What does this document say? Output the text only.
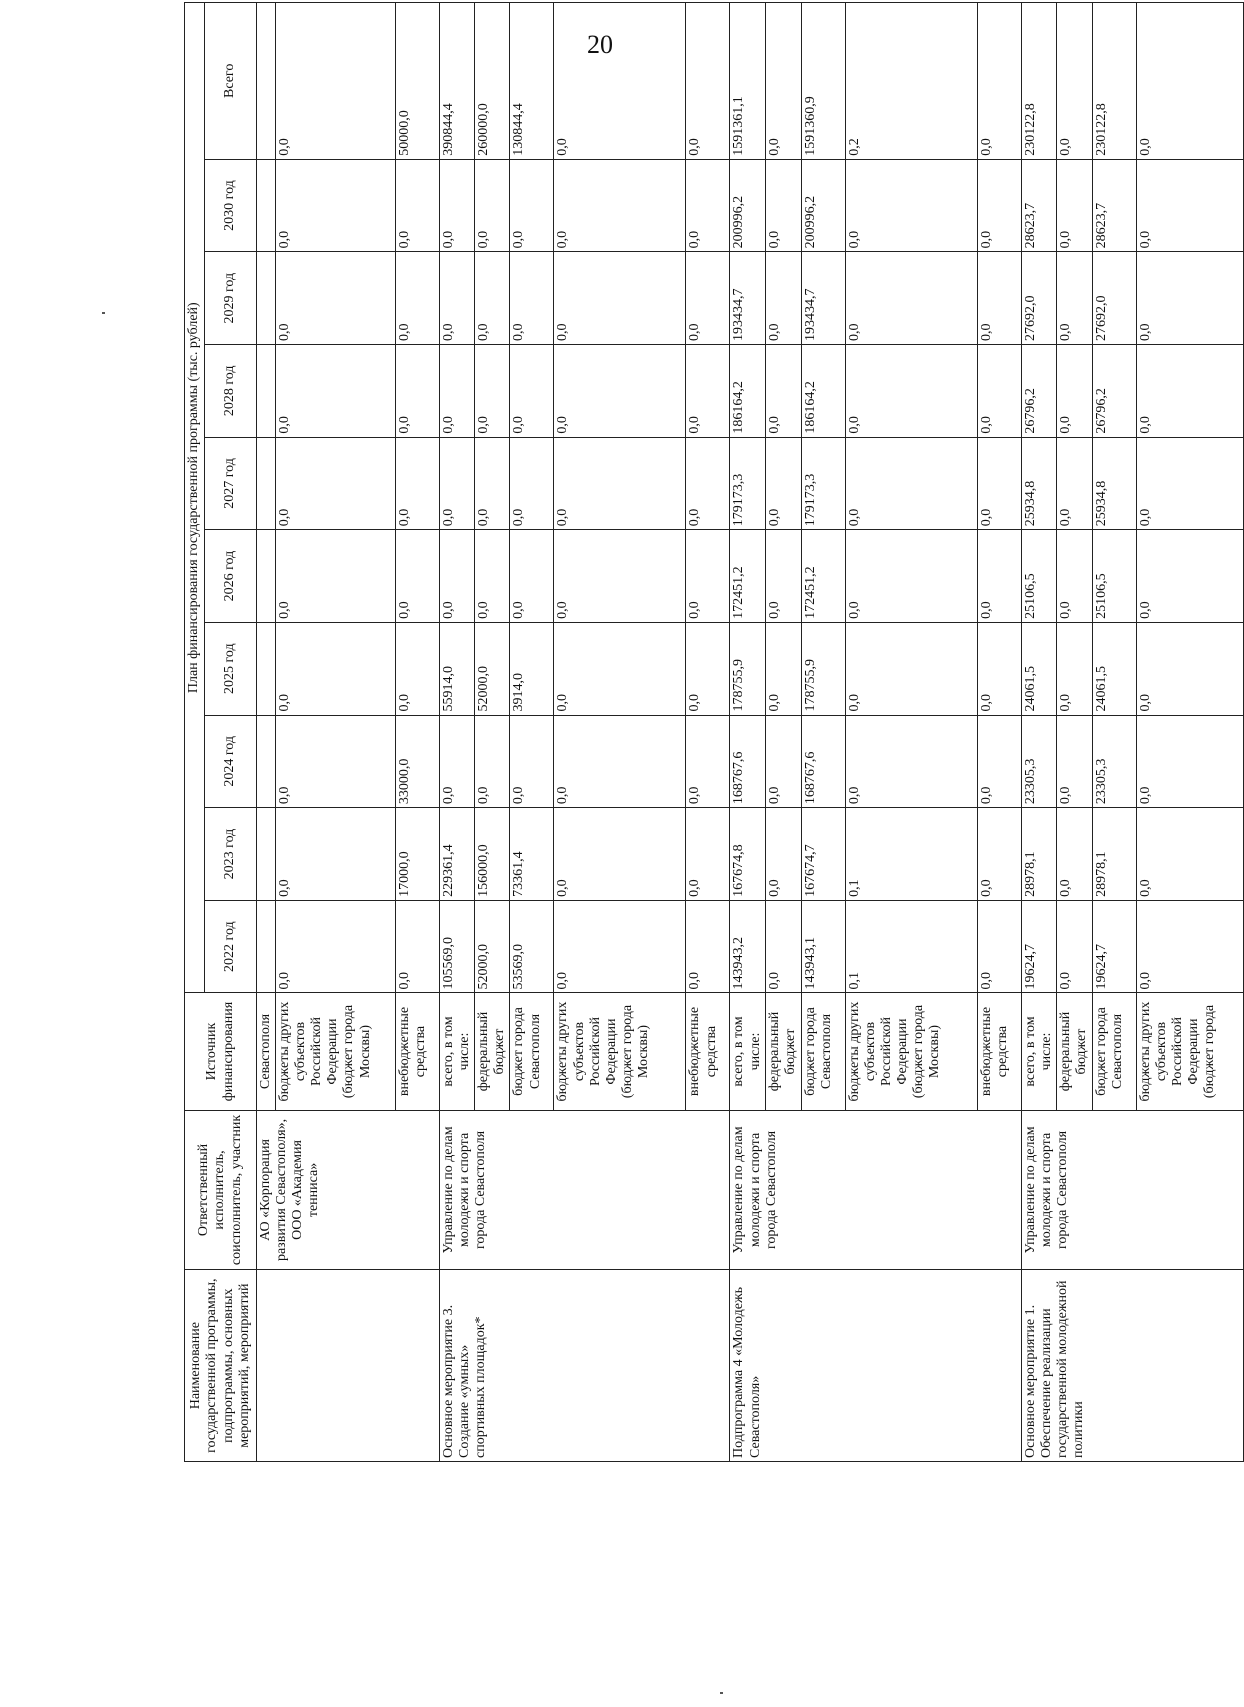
20
Наименование государственной программы, подпрограммы, основных мероприятий, мероприятий	Ответственный исполнитель, соисполнитель, участник	Источник финансирования	План финансирования государственной программы (тыс. рублей)									
			2022 год	2023 год	2024 год	2025 год	2026 год	2027 год	2028 год	2029 год	2030 год	Всего
	АО «Корпорация развития Севастополя», ООО «Академия тенниса»	Севастополя										
		бюджеты других субъектов Российской Федерации (бюджет города Москвы)	0,0	0,0	0,0	0,0	0,0	0,0	0,0	0,0	0,0	0,0
		внебюджетные средства	0,0	17000,0	33000,0	0,0	0,0	0,0	0,0	0,0	0,0	50000,0
Основное мероприятие 3. Создание «умных» спортивных площадок*	Управление по делам молодежи и спорта города Севастополя	всего, в том числе:	105569,0	229361,4	0,0	55914,0	0,0	0,0	0,0	0,0	0,0	390844,4
		федеральный бюджет	52000,0	156000,0	0,0	52000,0	0,0	0,0	0,0	0,0	0,0	260000,0
		бюджет города Севастополя	53569,0	73361,4	0,0	3914,0	0,0	0,0	0,0	0,0	0,0	130844,4
		бюджеты других субъектов Российской Федерации (бюджет города Москвы)	0,0	0,0	0,0	0,0	0,0	0,0	0,0	0,0	0,0	0,0
		внебюджетные средства	0,0	0,0	0,0	0,0	0,0	0,0	0,0	0,0	0,0	0,0
Подпрограмма 4 «Молодежь Севастополя»	Управление по делам молодежи и спорта города Севастополя	всего, в том числе:	143943,2	167674,8	168767,6	178755,9	172451,2	179173,3	186164,2	193434,7	200996,2	1591361,1
		федеральный бюджет	0,0	0,0	0,0	0,0	0,0	0,0	0,0	0,0	0,0	0,0
		бюджет города Севастополя	143943,1	167674,7	168767,6	178755,9	172451,2	179173,3	186164,2	193434,7	200996,2	1591360,9
		бюджеты других субъектов Российской Федерации (бюджет города Москвы)	0,1	0,1	0,0	0,0	0,0	0,0	0,0	0,0	0,0	0,2
		внебюджетные средства	0,0	0,0	0,0	0,0	0,0	0,0	0,0	0,0	0,0	0,0
Основное мероприятие 1. Обеспечение реализации государственной молодежной политики	Управление по делам молодежи и спорта города Севастополя	всего, в том числе:	19624,7	28978,1	23305,3	24061,5	25106,5	25934,8	26796,2	27692,0	28623,7	230122,8
		федеральный бюджет	0,0	0,0	0,0	0,0	0,0	0,0	0,0	0,0	0,0	0,0
		бюджет города Севастополя	19624,7	28978,1	23305,3	24061,5	25106,5	25934,8	26796,2	27692,0	28623,7	230122,8
		бюджеты других субъектов Российской Федерации (бюджет города	0,0	0,0	0,0	0,0	0,0	0,0	0,0	0,0	0,0	0,0
